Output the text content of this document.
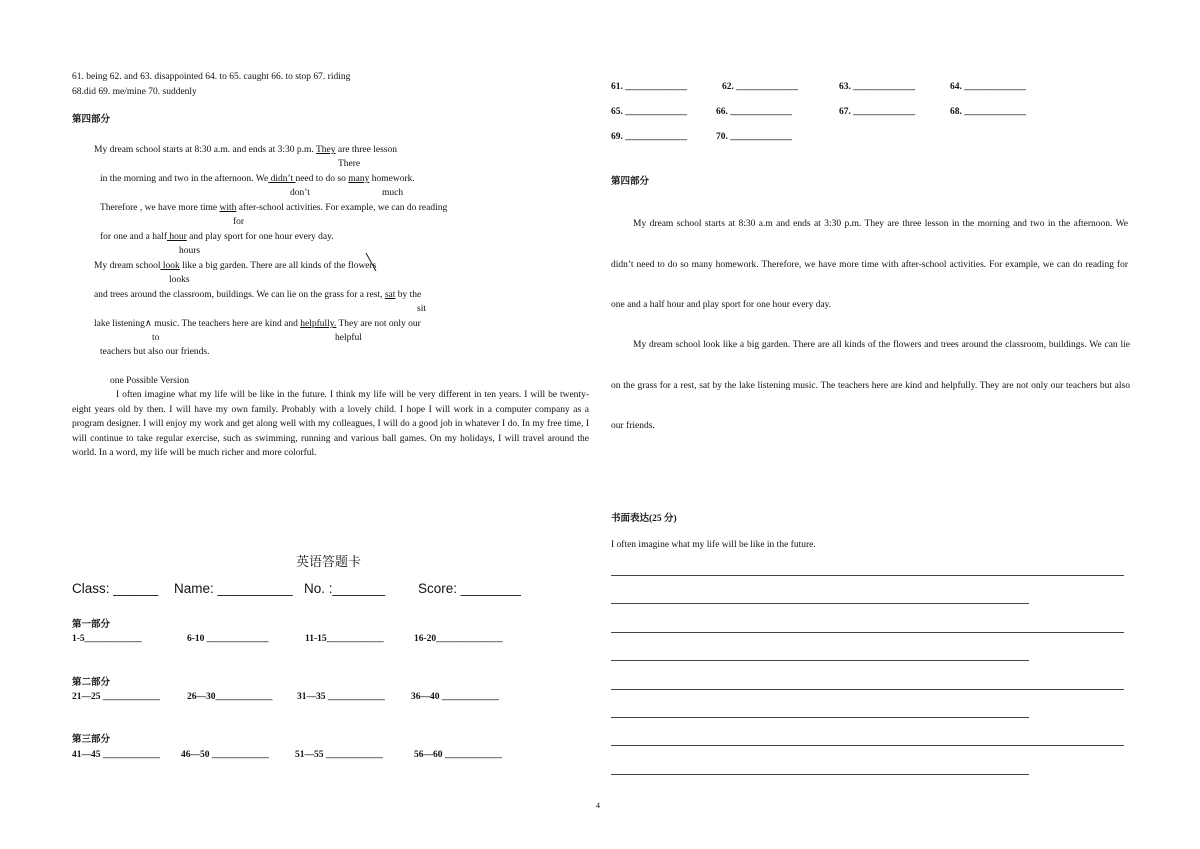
61. being 62. and 63. disappointed 64. to 65. caught 66. to stop 67. riding
68.did 69. me/mine 70. suddenly
第四部分
My dream school starts at 8:30 a.m. and ends at 3:30 p.m. They are three lesson
There
in the morning and two in the afternoon. We didn’t need to do so many homework.
don’t	much
Therefore , we have more time with after-school activities. For example, we can do reading
for
for one and a half hour and play sport for one hour every day.
hours
My dream school look like a big garden. There are all kinds of the flowers
looks
and trees around the classroom, buildings. We can lie on the grass for a rest, sat by the
sit
lake listening∧ music. The teachers here are kind and helpfully. They are not only our
to	helpful
teachers but also our friends.
one Possible Version
I often imagine what my life will be like in the future. I think my life will be very different in ten years. I will be twenty-eight years old by then. I will have my own family. Probably with a lovely child. I hope I will work in a computer company as a program designer. I will enjoy my work and get along well with my colleagues, I will do a good job in whatever I do. In my free time, I will continue to take regular exercise, such as swimming, running and various ball games. On my holidays, I will travel around the world. In a word, my life will be much richer and more colorful.
英语答题卡
Class: ______ Name: __________ No. :_______ Score: ________
第一部分
1-5____________	6-10 _____________	11-15____________	16-20______________
第二部分
21—25 ____________	26—30____________	31—35 ____________	36—40 ____________
第三部分
41—45 ____________ 46—50 ____________	51—55 ____________	56—60 ____________
61. _____________	62. _____________	63. _____________	64. _____________
65. _____________	66. _____________	67. _____________	68. _____________
69. _____________	70. _____________
第四部分
My dream school starts at 8:30 a.m and ends at 3:30 p.m. They are three lesson in the morning and two in the afternoon. We didn’t need to do so many homework. Therefore, we have more time with after-school activities. For example, we can do reading for one and a half hour and play sport for one hour every day.
My dream school look like a big garden. There are all kinds of the flowers and trees around the classroom, buildings. We can lie on the grass for a rest, sat by the lake listening music. The teachers here are kind and helpfully. They are not only our teachers but also our friends.
书面表达(25 分)
I often imagine what my life will be like in the future.
4
